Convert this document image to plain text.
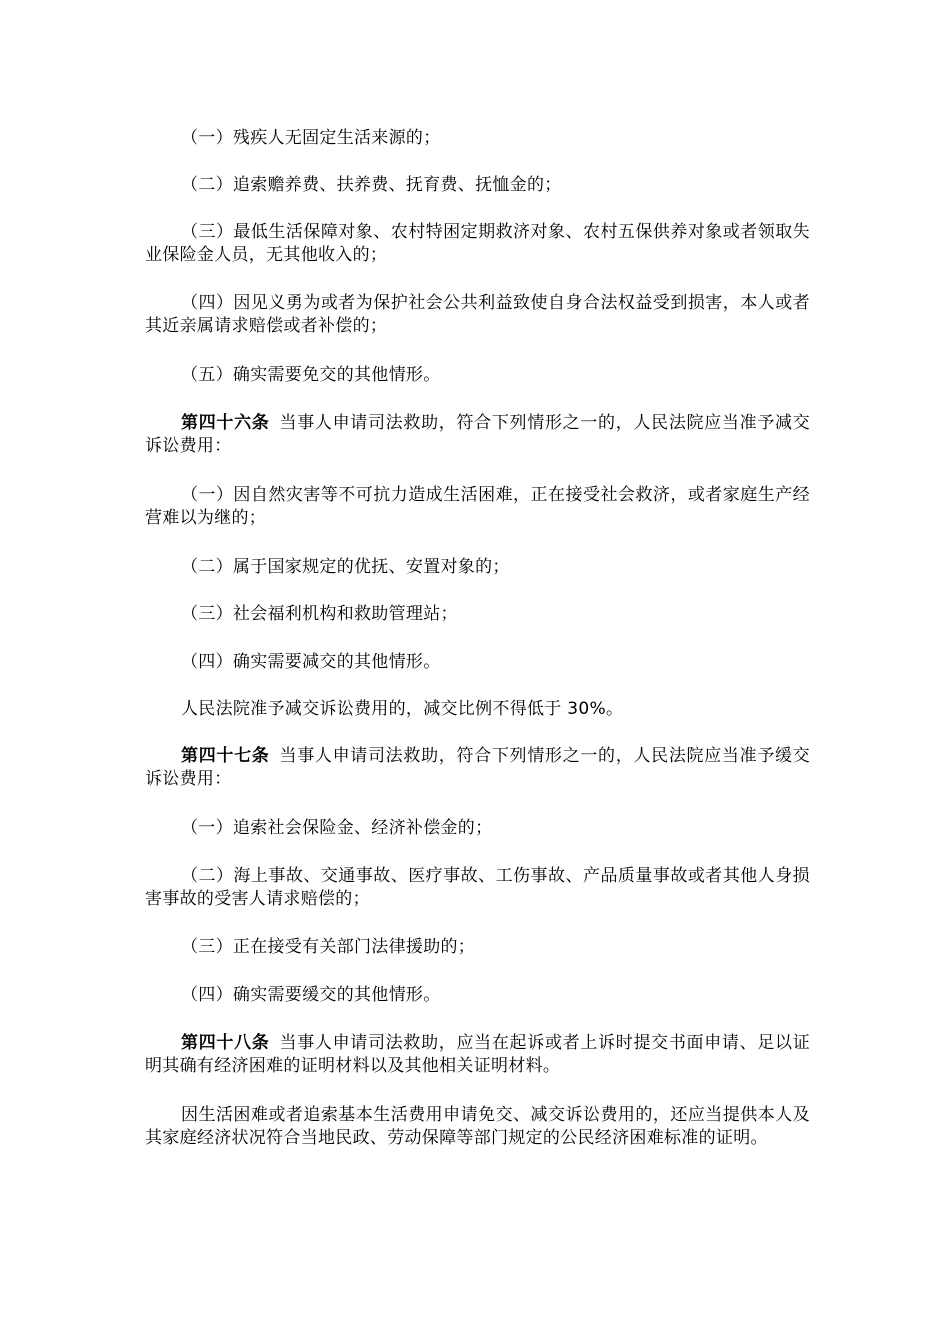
（一）残疾人无固定生活来源的；

（二）追索赡养费、扶养费、抚育费、抚恤金的；

（三）最低生活保障对象、农村特困定期救济对象、农村五保供养对象或者领取失业保险金人员，无其他收入的；

（四）因见义勇为或者为保护社会公共利益致使自身合法权益受到损害，本人或者其近亲属请求赔偿或者补偿的；

（五）确实需要免交的其他情形。

第四十六条 当事人申请司法救助，符合下列情形之一的，人民法院应当准予减交诉讼费用：

（一）因自然灾害等不可抗力造成生活困难，正在接受社会救济，或者家庭生产经营难以为继的；

（二）属于国家规定的优抚、安置对象的；

（三）社会福利机构和救助管理站；

（四）确实需要减交的其他情形。

人民法院准予减交诉讼费用的，减交比例不得低于 30%。

第四十七条 当事人申请司法救助，符合下列情形之一的，人民法院应当准予缓交诉讼费用：

（一）追索社会保险金、经济补偿金的；

（二）海上事故、交通事故、医疗事故、工伤事故、产品质量事故或者其他人身损害事故的受害人请求赔偿的；

（三）正在接受有关部门法律援助的；

（四）确实需要缓交的其他情形。

第四十八条 当事人申请司法救助，应当在起诉或者上诉时提交书面申请、足以证明其确有经济困难的证明材料以及其他相关证明材料。

因生活困难或者追索基本生活费用申请免交、减交诉讼费用的，还应当提供本人及其家庭经济状况符合当地民政、劳动保障等部门规定的公民经济困难标准的证明。
